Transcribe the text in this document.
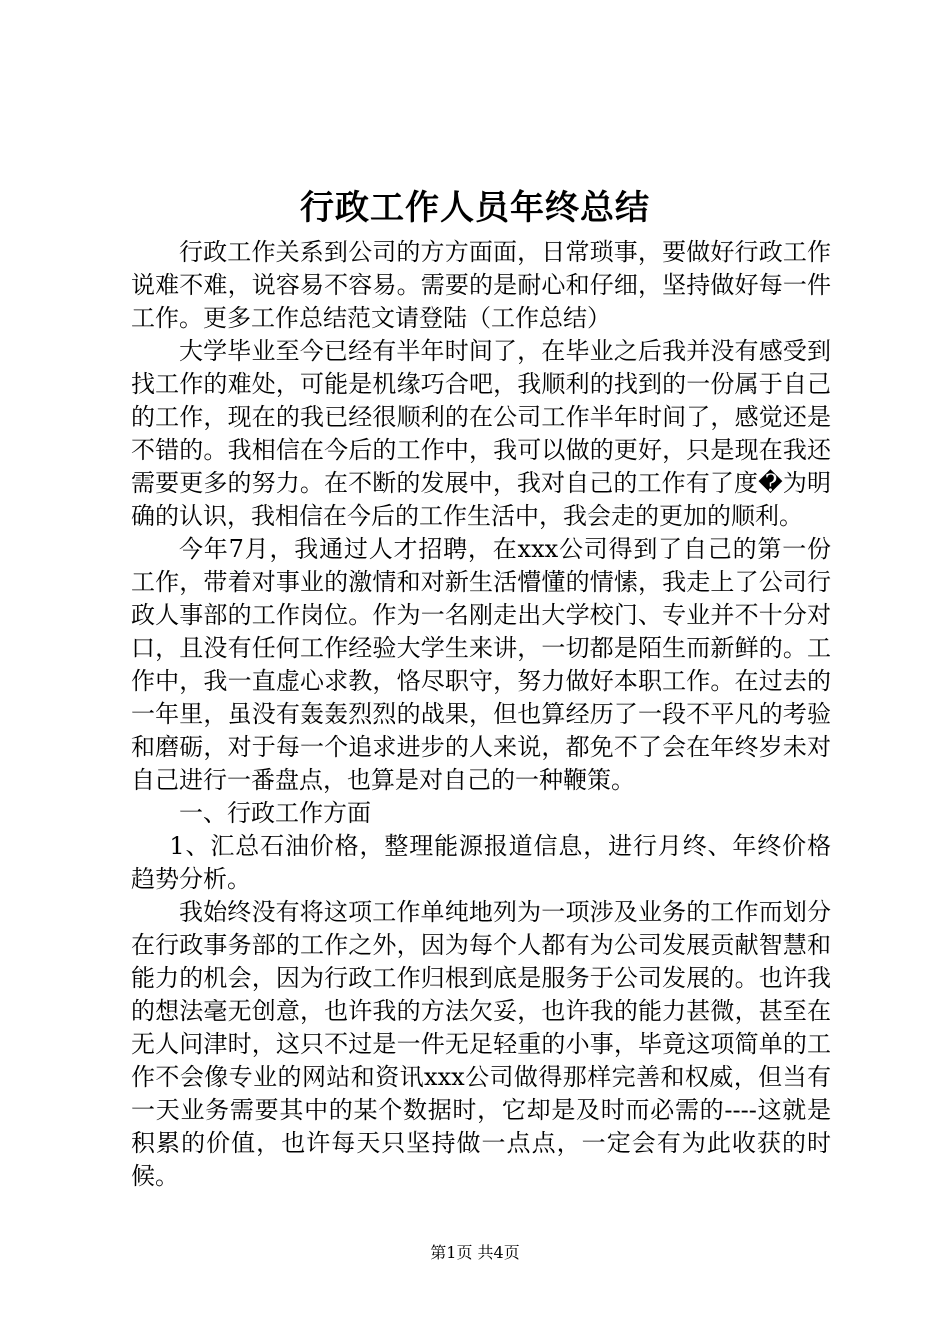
行政工作人员年终总结

行政工作关系到公司的方方面面，日常琐事，要做好行政工作说难不难，说容易不容易。需要的是耐心和仔细，坚持做好每一件工作。更多工作总结范文请登陆（工作总结）

大学毕业至今已经有半年时间了，在毕业之后我并没有感受到找工作的难处，可能是机缘巧合吧，我顺利的找到的一份属于自己的工作，现在的我已经很顺利的在公司工作半年时间了，感觉还是不错的。我相信在今后的工作中，我可以做的更好，只是现在我还需要更多的努力。在不断的发展中，我对自己的工作有了度�为明确的认识，我相信在今后的工作生活中，我会走的更加的顺利。

今年7月，我通过人才招聘，在xxx公司得到了自己的第一份工作，带着对事业的激情和对新生活懵懂的情愫，我走上了公司行政人事部的工作岗位。作为一名刚走出大学校门、专业并不十分对口，且没有任何工作经验大学生来讲，一切都是陌生而新鲜的。工作中，我一直虚心求教，恪尽职守，努力做好本职工作。在过去的一年里，虽没有轰轰烈烈的战果，但也算经历了一段不平凡的考验和磨砺，对于每一个追求进步的人来说，都免不了会在年终岁未对自己进行一番盘点，也算是对自己的一种鞭策。

一、行政工作方面

1、汇总石油价格，整理能源报道信息，进行月终、年终价格趋势分析。

我始终没有将这项工作单纯地列为一项涉及业务的工作而划分在行政事务部的工作之外，因为每个人都有为公司发展贡献智慧和能力的机会，因为行政工作归根到底是服务于公司发展的。也许我的想法毫无创意，也许我的方法欠妥，也许我的能力甚微，甚至在无人问津时，这只不过是一件无足轻重的小事，毕竟这项简单的工作不会像专业的网站和资讯xxx公司做得那样完善和权威，但当有一天业务需要其中的某个数据时，它却是及时而必需的----这就是积累的价值，也许每天只坚持做一点点，一定会有为此收获的时候。

第1页 共4页
